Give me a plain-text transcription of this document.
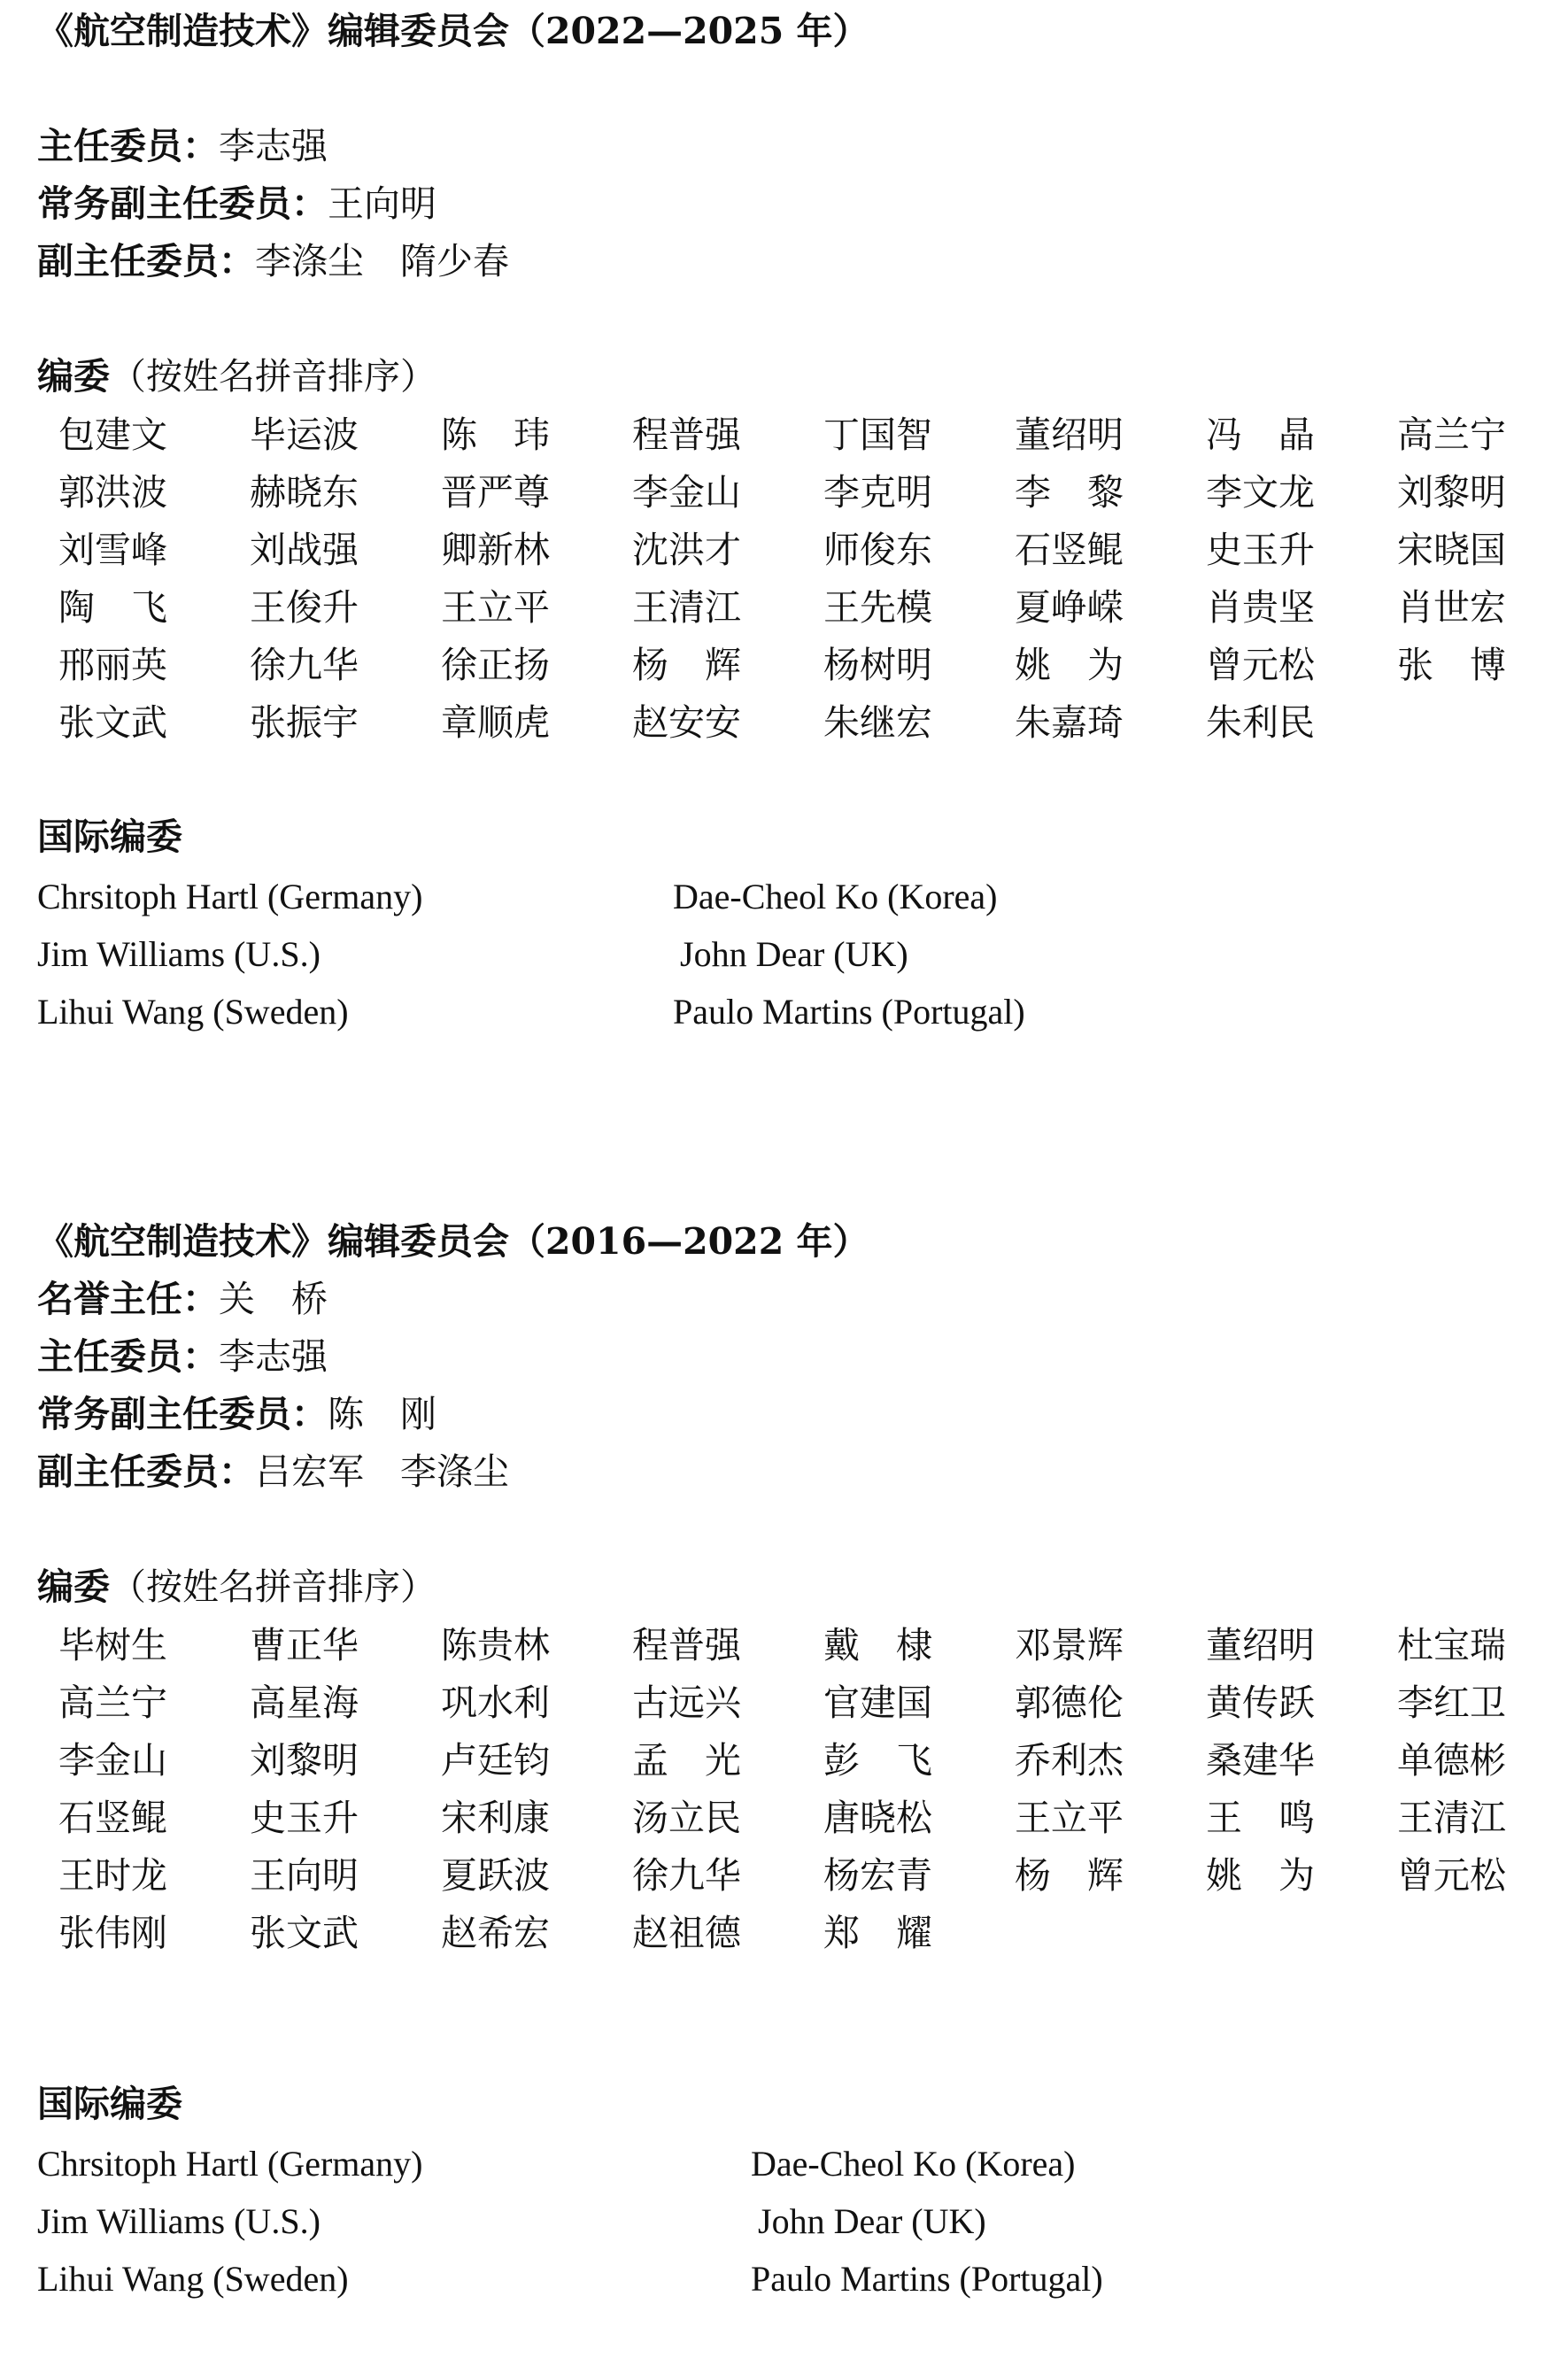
《航空制造技术》编辑委员会（2022—2025 年）
主任委员：李志强
常务副主任委员：王向明
副主任委员：李涤尘　隋少春
编委（按姓名拼音排序）
包建文	毕运波	陈　玮	程普强	丁国智	董绍明	冯　晶	高兰宁
郭洪波	赫晓东	晋严尊	李金山	李克明	李　黎	李文龙	刘黎明
刘雪峰	刘战强	卿新林	沈洪才	师俊东	石竖鲲	史玉升	宋晓国
陶　飞	王俊升	王立平	王清江	王先模	夏峥嵘	肖贵坚	肖世宏
邢丽英	徐九华	徐正扬	杨　辉	杨树明	姚　为	曾元松	张　博
张文武	张振宇	章顺虎	赵安安	朱继宏	朱嘉琦	朱利民
国际编委
Chrsitoph Hartl (Germany)	Dae-Cheol Ko (Korea)
Jim Williams (U.S.)	John Dear (UK)
Lihui Wang (Sweden)	Paulo Martins (Portugal)
《航空制造技术》编辑委员会（2016—2022 年）
名誉主任：关　桥
主任委员：李志强
常务副主任委员：陈　刚
副主任委员：吕宏军　李涤尘
编委（按姓名拼音排序）
毕树生	曹正华	陈贵林	程普强	戴　棣	邓景辉	董绍明	杜宝瑞
高兰宁	高星海	巩水利	古远兴	官建国	郭德伦	黄传跃	李红卫
李金山	刘黎明	卢廷钧	孟　光	彭　飞	乔利杰	桑建华	单德彬
石竖鲲	史玉升	宋利康	汤立民	唐晓松	王立平	王　鸣	王清江
王时龙	王向明	夏跃波	徐九华	杨宏青	杨　辉	姚　为	曾元松
张伟刚	张文武	赵希宏	赵祖德	郑　耀
国际编委
Chrsitoph Hartl (Germany)	Dae-Cheol Ko (Korea)
Jim Williams (U.S.)	John Dear (UK)
Lihui Wang (Sweden)	Paulo Martins (Portugal)
